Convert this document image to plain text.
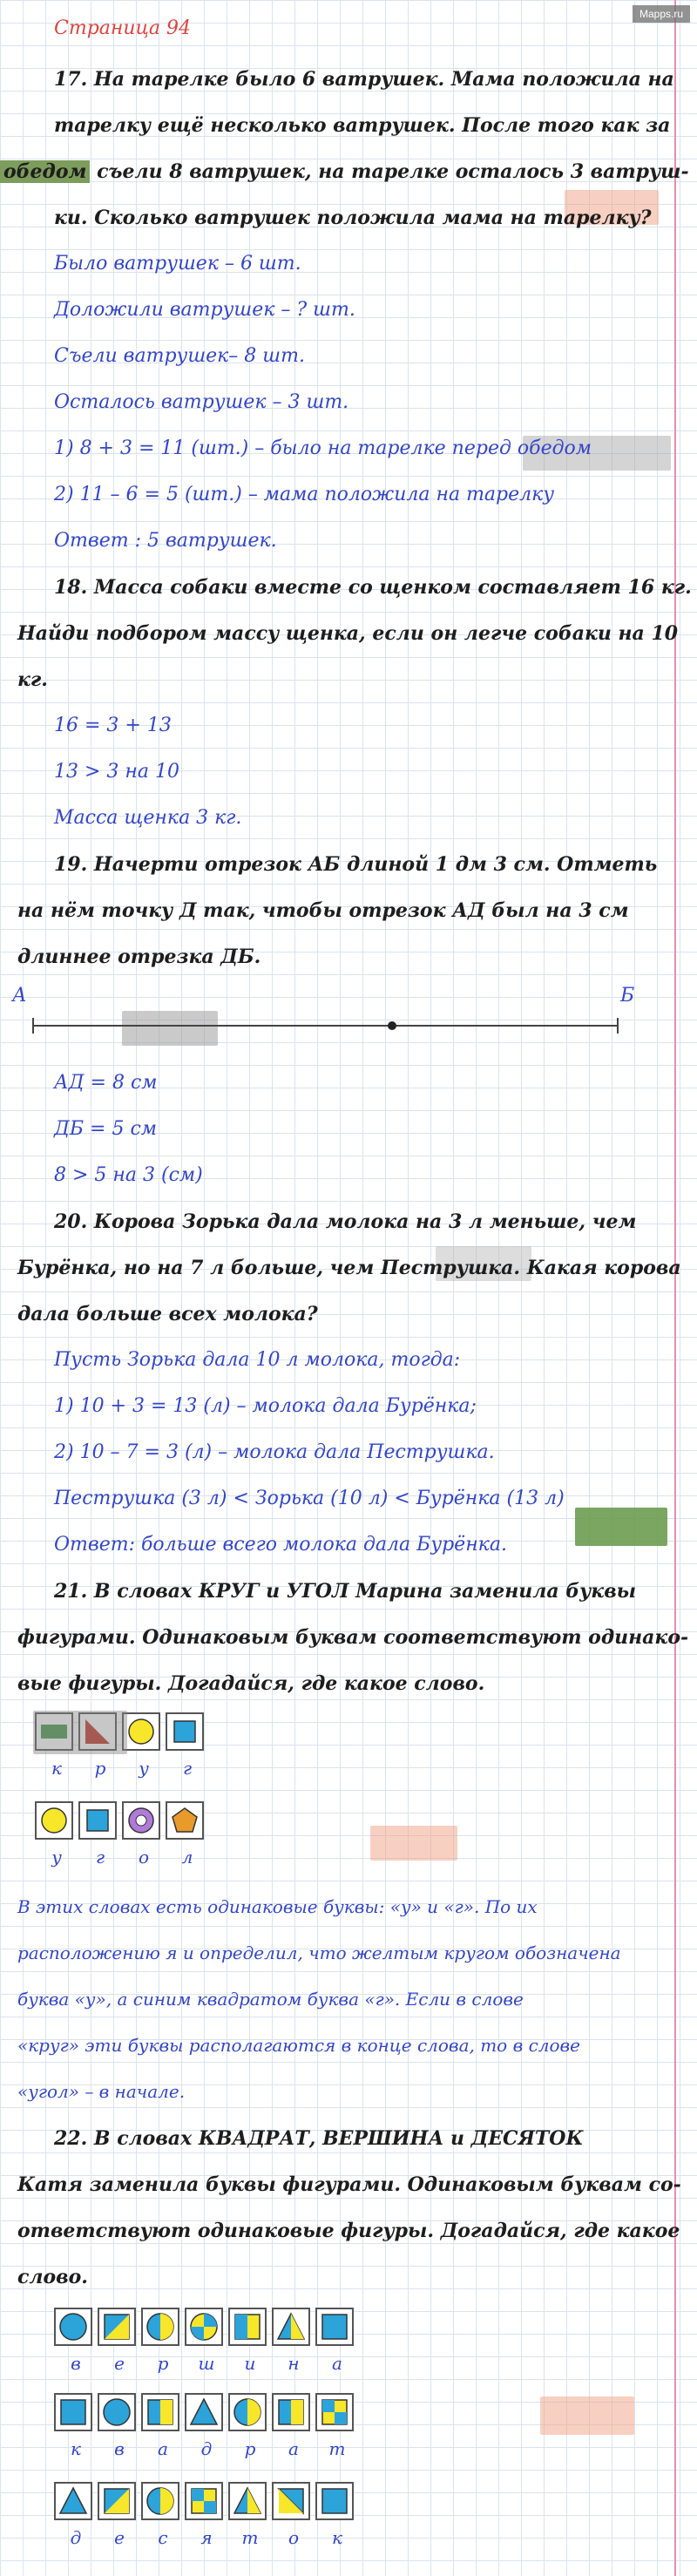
Mapps.ru
Страница 94
17. На тарелке было 6 ватрушек. Мама положила на
тарелку ещё несколько ватрушек. После того как за
обедом съели 8 ватрушек, на тарелке осталось 3 ватруш-
ки. Сколько ватрушек положила мама на тарелку?
Было ватрушек – 6 шт.
Доложили ватрушек – ? шт.
Съели ватрушек– 8 шт.
Осталось ватрушек – 3 шт.
1) 8 + 3 = 11 (шт.) – было на тарелке перед обедом
2) 11 – 6 = 5 (шт.) – мама положила на тарелку
Ответ : 5 ватрушек.
18. Масса собаки вместе со щенком составляет 16 кг.
Найди подбором массу щенка, если он легче собаки на 10
кг.
16 = 3 + 13
13 > 3 на 10
Масса щенка 3 кг.
19. Начерти отрезок АБ длиной 1 дм 3 см. Отметь
на нём точку Д так, чтобы отрезок АД был на 3 см
длиннее отрезка ДБ.
А	Б
АД = 8 см
ДБ = 5 см
8 > 5 на 3 (см)
20. Корова Зорька дала молока на 3 л меньше, чем
Бурёнка, но на 7 л больше, чем Пеструшка. Какая корова
дала больше всех молока?
Пусть Зорька дала 10 л молока, тогда:
1) 10 + 3 = 13 (л) – молока дала Бурёнка;
2) 10 – 7 = 3 (л) – молока дала Пеструшка.
Пеструшка (3 л) < Зорька (10 л) < Бурёнка (13 л)
Ответ: больше всего молока дала Бурёнка.
21. В словах КРУГ и УГОЛ Марина заменила буквы
фигурами. Одинаковым буквам соответствуют одинако-
вые фигуры. Догадайся, где какое слово.
к	р	у	г
у	г	о	л
В этих словах есть одинаковые буквы: «у» и «г». По их
расположению я и определил, что желтым кругом обозначена
буква «у», а синим квадратом буква «г». Если в слове
«круг» эти буквы располагаются в конце слова, то в слове
«угол» – в начале.
22. В словах КВАДРАТ, ВЕРШИНА и ДЕСЯТОК
Катя заменила буквы фигурами. Одинаковым буквам со-
ответствуют одинаковые фигуры. Догадайся, где какое
слово.
в	е	р	ш	и	н	а
к	в	а	д	р	а	т
д	е	с	я	т	о	к
